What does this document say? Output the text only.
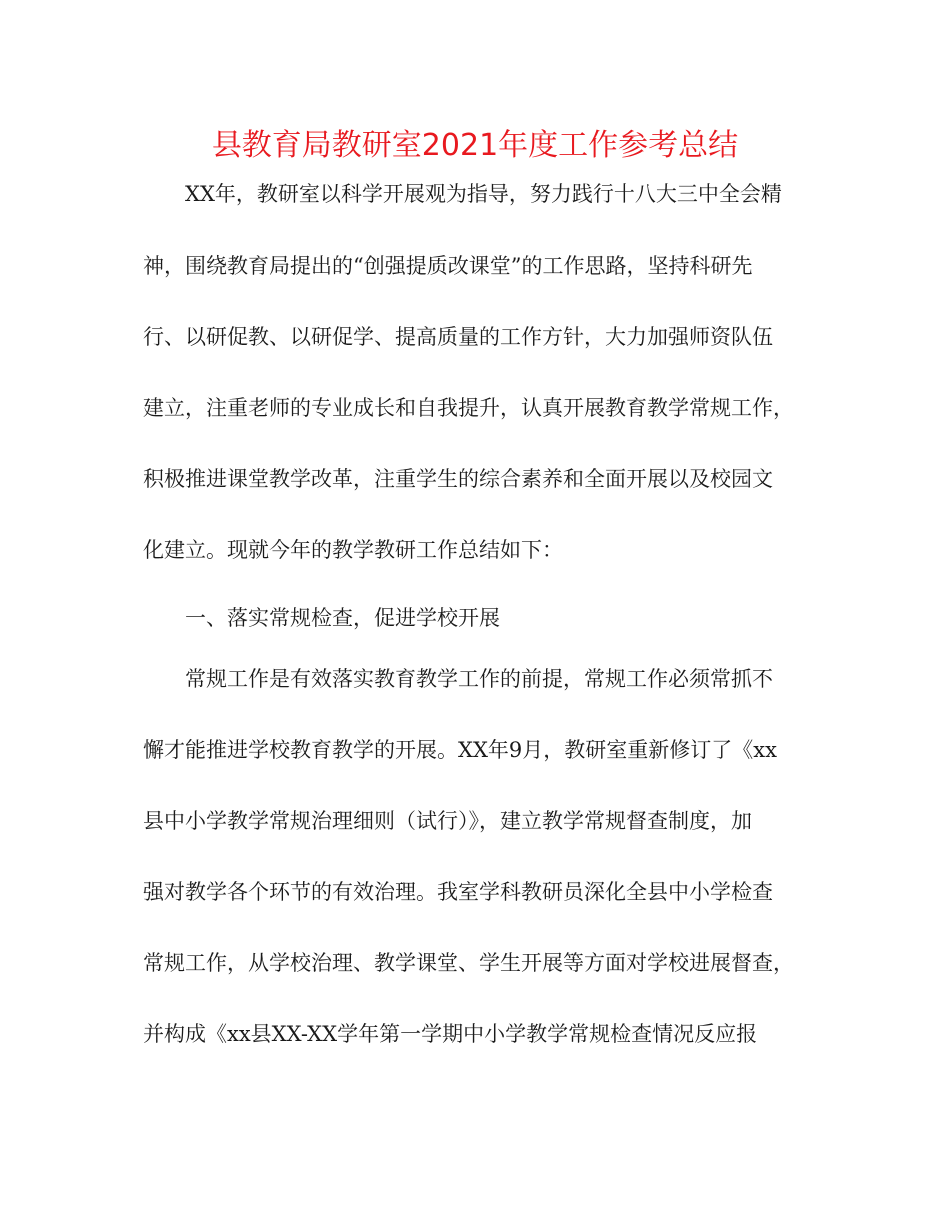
县教育局教研室2021年度工作参考总结
XX年，教研室以科学开展观为指导，努力践行十八大三中全会精
神，围绕教育局提出的“创强提质改课堂”的工作思路，坚持科研先
行、以研促教、以研促学、提高质量的工作方针，大力加强师资队伍
建立，注重老师的专业成长和自我提升，认真开展教育教学常规工作，
积极推进课堂教学改革，注重学生的综合素养和全面开展以及校园文
化建立。现就今年的教学教研工作总结如下：
一、落实常规检查，促进学校开展
常规工作是有效落实教育教学工作的前提，常规工作必须常抓不
懈才能推进学校教育教学的开展。XX年9月，教研室重新修订了《xx
县中小学教学常规治理细则（试行）》，建立教学常规督查制度，加
强对教学各个环节的有效治理。我室学科教研员深化全县中小学检查
常规工作，从学校治理、教学课堂、学生开展等方面对学校进展督查，
并构成《xx县XX-XX学年第一学期中小学教学常规检查情况反应报
